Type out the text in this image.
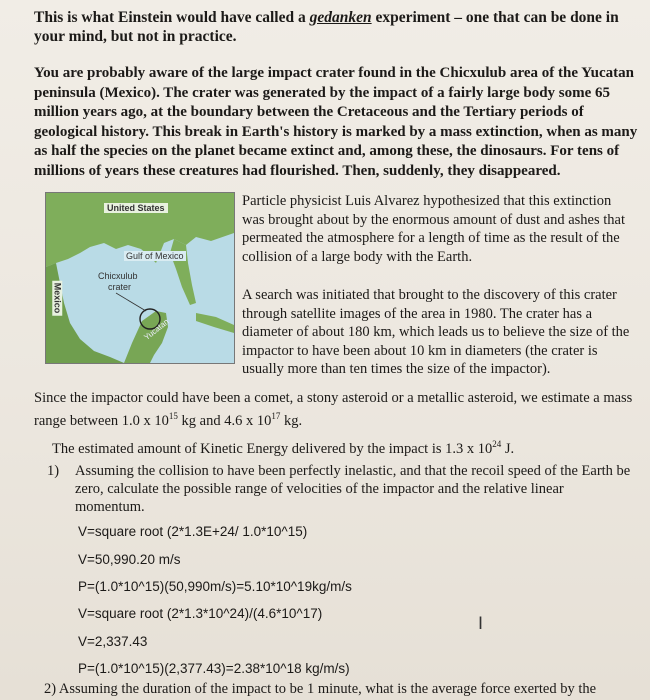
This is what Einstein would have called a gedanken experiment – one that can be done in your mind, but not in practice.

You are probably aware of the large impact crater found in the Chicxulub area of the Yucatan peninsula (Mexico). The crater was generated by the impact of a fairly large body some 65 million years ago, at the boundary between the Cretaceous and the Tertiary periods of geological history. This break in Earth's history is marked by a mass extinction, when as many as half the species on the planet became extinct and, among these, the dinosaurs. For tens of millions of years these creatures had flourished. Then, suddenly, they disappeared.

United States
Gulf of Mexico
Chicxulub
crater
Yucatan
Mexico

Particle physicist Luis Alvarez hypothesized that this extinction was brought about by the enormous amount of dust and ashes that permeated the atmosphere for a length of time as the result of the collision of a large body with the Earth.

A search was initiated that brought to the discovery of this crater through satellite images of the area in 1980. The crater has a diameter of about 180 km, which leads us to believe the size of the impactor to have been about 10 km in diameters (the crater is usually more than ten times the size of the impactor).

Since the impactor could have been a comet, a stony asteroid or a metallic asteroid, we estimate a mass range between 1.0 x $10^{15}$ kg and 4.6 x $10^{17}$ kg.

The estimated amount of Kinetic Energy delivered by the impact is 1.3 x $10^{24}$ J.

1) Assuming the collision to have been perfectly inelastic, and that the recoil speed of the Earth be zero, calculate the possible range of velocities of the impactor and the relative linear momentum.
V=square root (2*1.3E+24/ 1.0*10^15)
V=50,990.20 m/s
P=(1.0*10^15)(50,990m/s)=5.10*10^19kg/m/s
V=square root (2*1.3*10^24)/(4.6*10^17)
V=2,337.43
P=(1.0*10^15)(2,377.43)=2.38*10^18 kg/m/s)
I
2) Assuming the duration of the impact to be 1 minute, what is the average force exerted by the
